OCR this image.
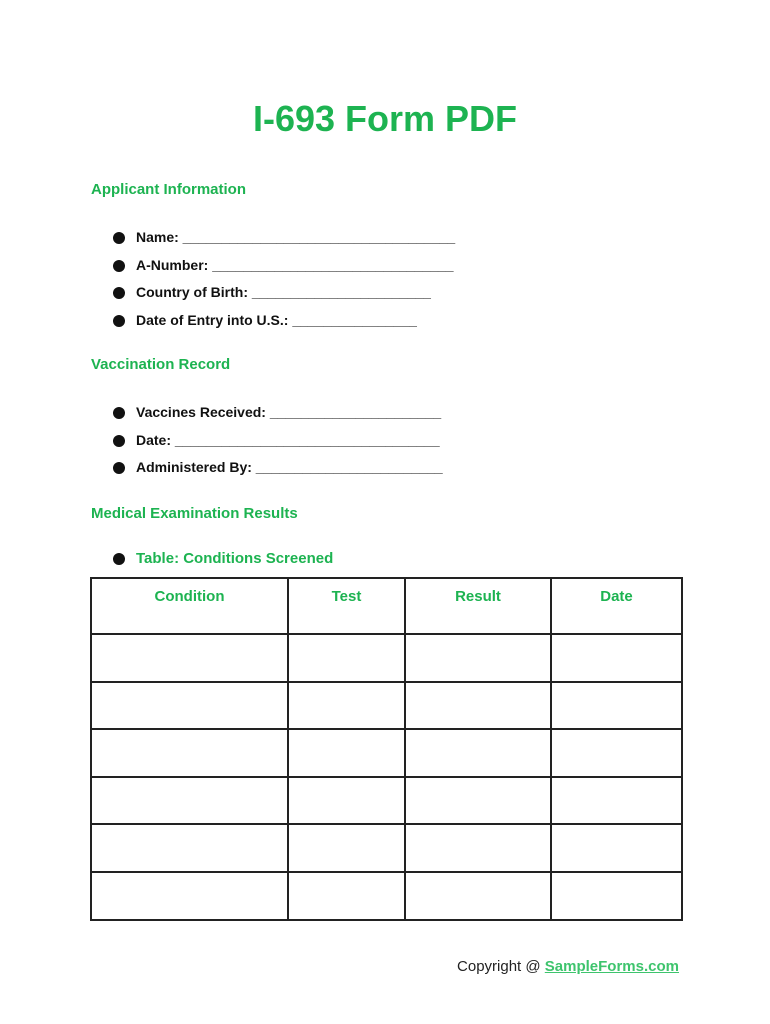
I-693 Form PDF
Applicant Information
Name: ___________________________________
A-Number: _______________________________
Country of Birth: _______________________
Date of Entry into U.S.: ________________
Vaccination Record
Vaccines Received: ______________________
Date: __________________________________
Administered By: ________________________
Medical Examination Results
Table: Conditions Screened
Condition	Test	Result	Date

Copyright @ SampleForms.com
